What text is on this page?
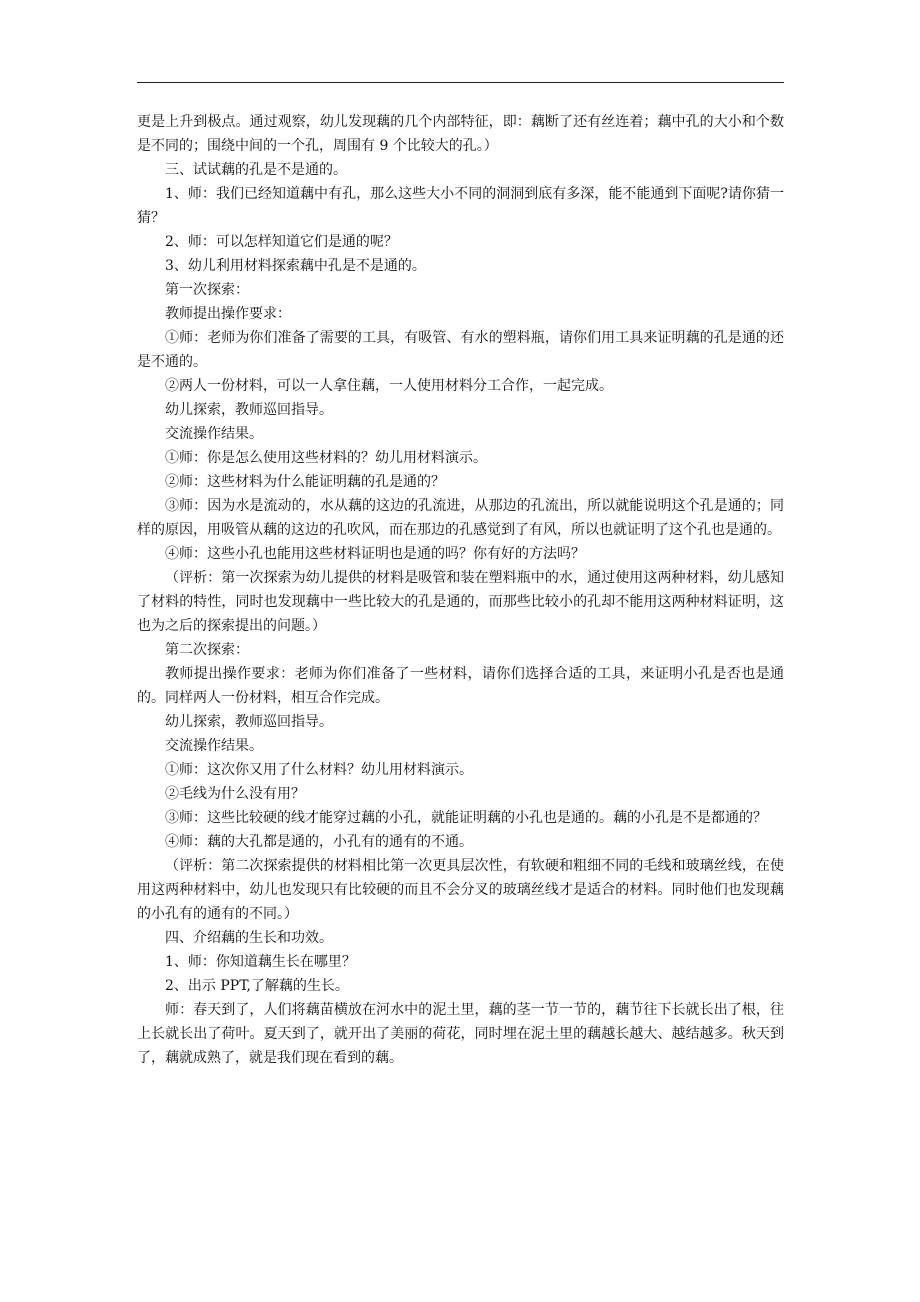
更是上升到极点。通过观察，幼儿发现藕的几个内部特征，即：藕断了还有丝连着；藕中孔的大小和个数是不同的；围绕中间的一个孔，周围有 9 个比较大的孔。）

三、试试藕的孔是不是通的。

1、师：我们已经知道藕中有孔，那么这些大小不同的洞洞到底有多深，能不能通到下面呢?请你猜一猜？

2、师：可以怎样知道它们是通的呢？

3、幼儿利用材料探索藕中孔是不是通的。

第一次探索：

教师提出操作要求：

①师：老师为你们准备了需要的工具，有吸管、有水的塑料瓶，请你们用工具来证明藕的孔是通的还是不通的。

②两人一份材料，可以一人拿住藕，一人使用材料分工合作，一起完成。

幼儿探索，教师巡回指导。

交流操作结果。

①师：你是怎么使用这些材料的？幼儿用材料演示。

②师：这些材料为什么能证明藕的孔是通的？

③师：因为水是流动的，水从藕的这边的孔流进，从那边的孔流出，所以就能说明这个孔是通的；同样的原因，用吸管从藕的这边的孔吹风，而在那边的孔感觉到了有风，所以也就证明了这个孔也是通的。

④师：这些小孔也能用这些材料证明也是通的吗？你有好的方法吗？

（评析：第一次探索为幼儿提供的材料是吸管和装在塑料瓶中的水，通过使用这两种材料，幼儿感知了材料的特性，同时也发现藕中一些比较大的孔是通的，而那些比较小的孔却不能用这两种材料证明，这也为之后的探索提出的问题。）

第二次探索：

教师提出操作要求：老师为你们准备了一些材料，请你们选择合适的工具，来证明小孔是否也是通的。同样两人一份材料，相互合作完成。

幼儿探索，教师巡回指导。

交流操作结果。

①师：这次你又用了什么材料？幼儿用材料演示。

②毛线为什么没有用？

③师：这些比较硬的线才能穿过藕的小孔，就能证明藕的小孔也是通的。藕的小孔是不是都通的？

④师：藕的大孔都是通的，小孔有的通有的不通。

（评析：第二次探索提供的材料相比第一次更具层次性，有软硬和粗细不同的毛线和玻璃丝线，在使用这两种材料中，幼儿也发现只有比较硬的而且不会分叉的玻璃丝线才是适合的材料。同时他们也发现藕的小孔有的通有的不同。）

四、介绍藕的生长和功效。

1、师：你知道藕生长在哪里？

2、出示 PPT,了解藕的生长。

师：春天到了，人们将藕苗横放在河水中的泥土里，藕的茎一节一节的，藕节往下长就长出了根，往上长就长出了荷叶。夏天到了，就开出了美丽的荷花，同时埋在泥土里的藕越长越大、越结越多。秋天到了，藕就成熟了，就是我们现在看到的藕。
